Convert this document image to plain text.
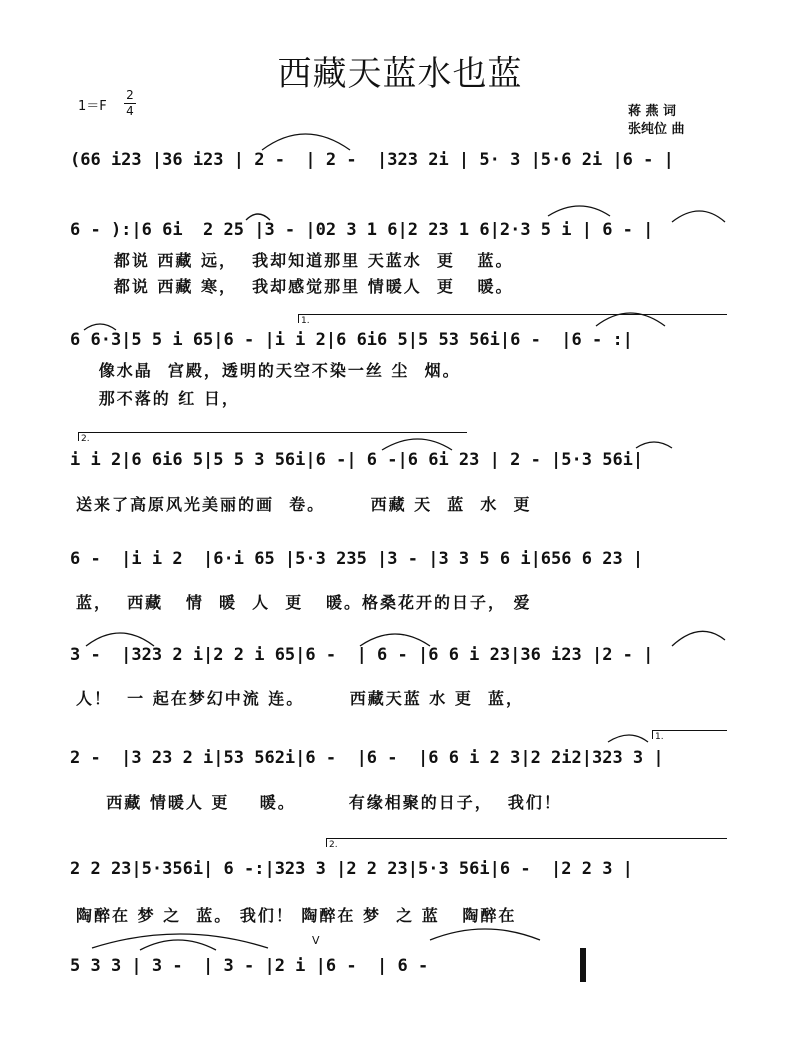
西藏天蓝水也蓝
$1=F \frac{2}{4}$	蒋 燕 词
张纯位 曲
(66 i23 |36 i23 | 2 -  | 2 -  |323 2i | 5· 3 |5·6 2i |6 - |
6 - ):|6 6i  2 25 |3 - |02 3 1 6|2 23 1 6|2·3 5 i | 6 - |
都说 西藏 远，  我却知道那里 天蓝水  更   蓝。
都说 西藏 寒，  我却感觉那里 情暖人  更   暖。
1.
6 6·3|5 5 i 65|6 - |i i 2|6 6i6 5|5 53 56i|6 -  |6 - :|
像水晶  宫殿，透明的天空不染一丝 尘  烟。
那不落的 红 日，
2.
i i 2|6 6i6 5|5 5 3 56i|6 -| 6 -|6 6i 23 | 2 - |5·3 56i|
送来了高原风光美丽的画  卷。      西藏 天  蓝  水  更
6 -  |i i 2  |6·i 65 |5·3 235 |3 - |3 3 5 6 i|656 6 23 |
蓝，  西藏   情  暖  人  更   暖。格桑花开的日子， 爱
3 -  |323 2 i|2 2 i 65|6 -  | 6 - |6 6 i 23|36 i23 |2 - |
人！  一 起在梦幻中流 连。      西藏天蓝 水 更  蓝，
1.
2 -  |3 23 2 i|53 562i|6 -  |6 -  |6 6 i 2 3|2 2i2|323 3 |
西藏 情暖人 更    暖。       有缘相聚的日子，  我们！
2.
2 2 23|5·356i| 6 -:|323 3 |2 2 23|5·3 56i|6 -  |2 2 3 |
陶醉在 梦 之  蓝。 我们！ 陶醉在 梦  之 蓝   陶醉在
V
5 3 3 | 3 -  | 3 - |2 i |6 -  | 6 -
